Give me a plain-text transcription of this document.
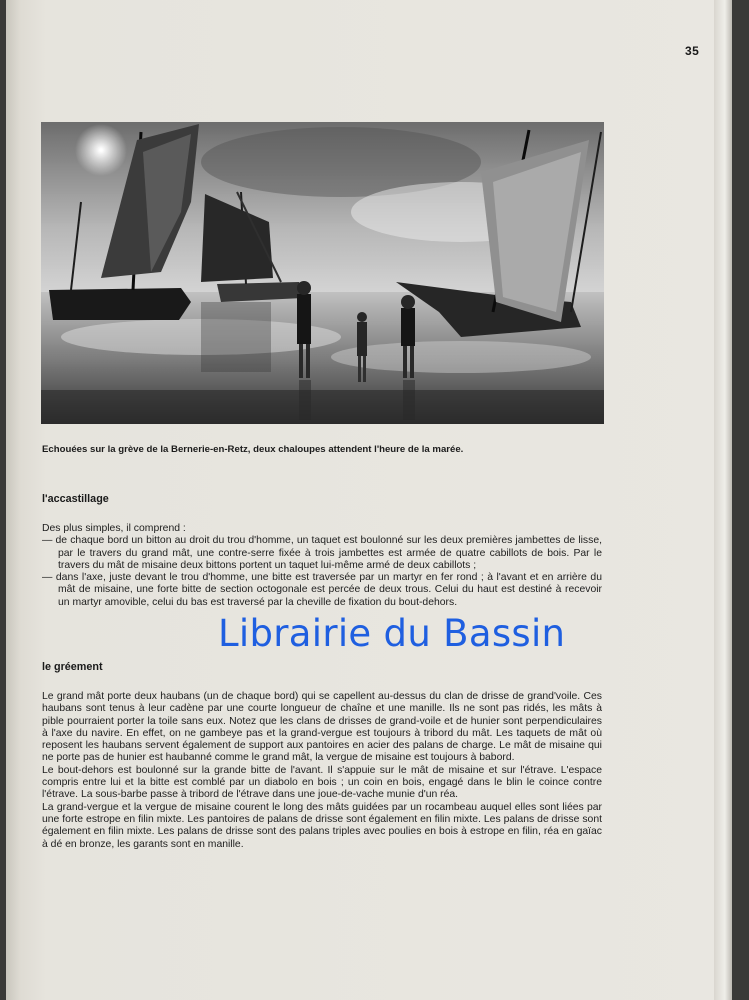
35
Echouées sur la grève de la Bernerie-en-Retz, deux chaloupes attendent l'heure de la marée.
l'accastillage

Des plus simples, il comprend :

— de chaque bord un bitton au droit du trou d'homme, un taquet est boulonné sur les deux premières jambettes de lisse, par le travers du grand mât, une contre-serre fixée à trois jambettes est armée de quatre cabillots de bois. Par le travers du mât de misaine deux bittons portent un taquet lui-même armé de deux cabillots ;

— dans l'axe, juste devant le trou d'homme, une bitte est traversée par un martyr en fer rond ; à l'avant et en arrière du mât de misaine, une forte bitte de section octogonale est percée de deux trous. Celui du haut est destiné à recevoir un martyr amovible, celui du bas est traversé par la cheville de fixation du bout-dehors.

le gréement

Le grand mât porte deux haubans (un de chaque bord) qui se capellent au-dessus du clan de drisse de grand'voile. Ces haubans sont tenus à leur cadène par une courte longueur de chaîne et une manille. Ils ne sont pas ridés, les mâts à pible pourraient porter la toile sans eux. Notez que les clans de drisses de grand-voile et de hunier sont perpendiculaires à l'axe du navire. En effet, on ne gambeye pas et la grand-vergue est toujours à tribord du mât. Les taquets de mât où reposent les haubans servent également de support aux pantoires en acier des palans de charge. Le mât de misaine qui ne porte pas de hunier est haubanné comme le grand mât, la vergue de misaine est toujours à babord.

Le bout-dehors est boulonné sur la grande bitte de l'avant. Il s'appuie sur le mât de misaine et sur l'étrave. L'espace compris entre lui et la bitte est comblé par un diabolo en bois ; un coin en bois, engagé dans le blin le coince contre l'étrave. La sous-barbe passe à tribord de l'étrave dans une joue-de-vache munie d'un réa.

La grand-vergue et la vergue de misaine courent le long des mâts guidées par un rocambeau auquel elles sont liées par une forte estrope en filin mixte. Les pantoires de palans de drisse sont également en filin mixte. Les palans de drisse sont également en filin mixte. Les palans de drisse sont des palans triples avec poulies en bois à estrope en filin, réa en gaïac à dé en bronze, les garants sont en manille.

Librairie du Bassin
